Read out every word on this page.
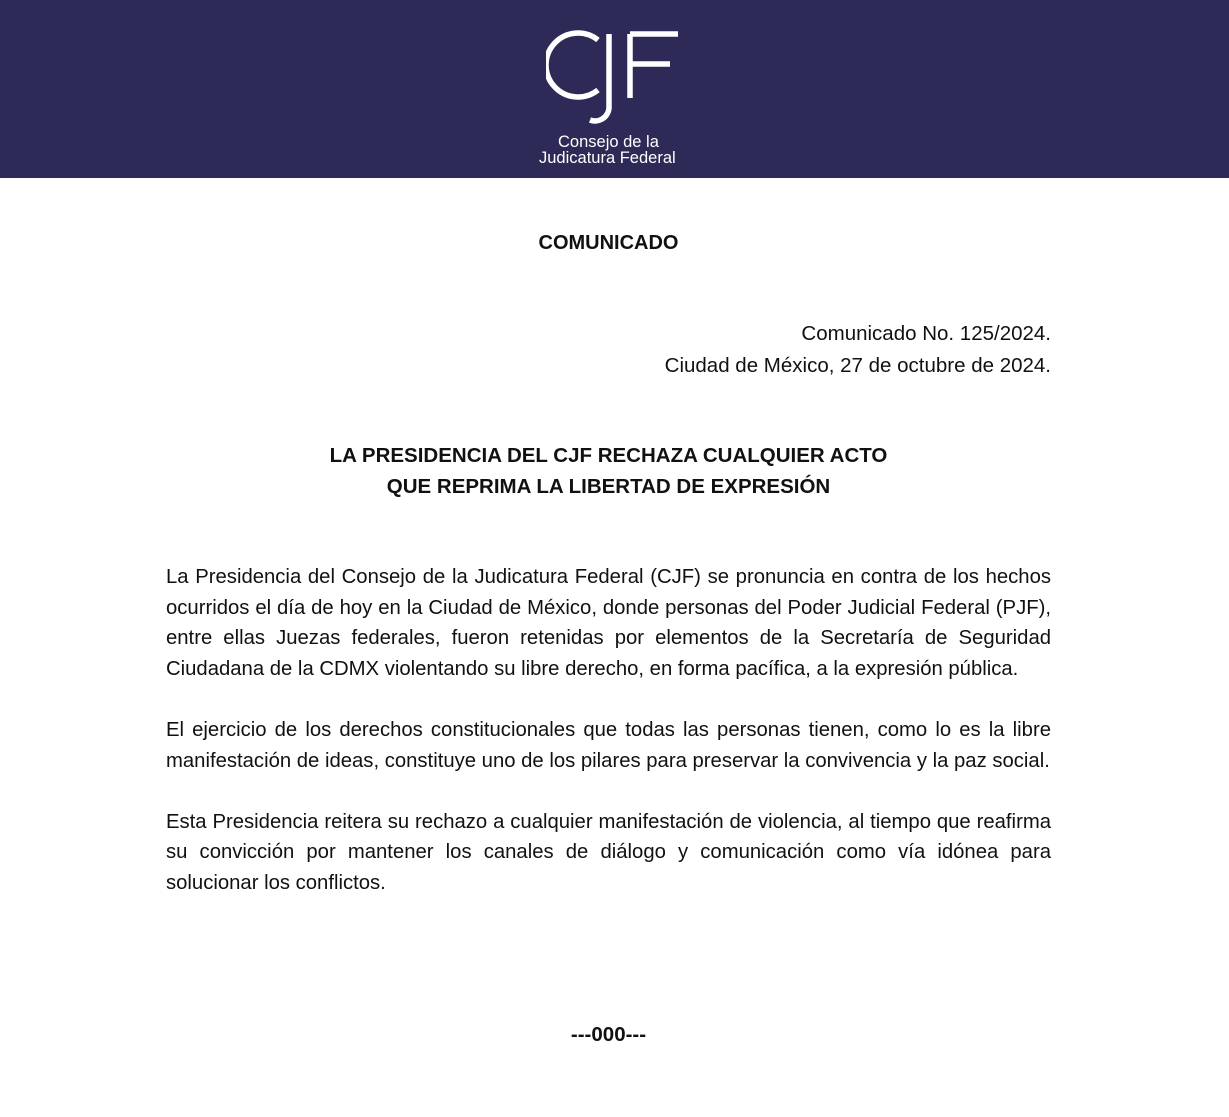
Consejo de la
Judicatura Federal
COMUNICADO
Comunicado No. 125/2024.
Ciudad de México, 27 de octubre de 2024.
LA PRESIDENCIA DEL CJF RECHAZA CUALQUIER ACTO
QUE REPRIMA LA LIBERTAD DE EXPRESIÓN

La Presidencia del Consejo de la Judicatura Federal (CJF) se pronuncia en contra de los hechos ocurridos el día de hoy en la Ciudad de México, donde personas del Poder Judicial Federal (PJF), entre ellas Juezas federales, fueron retenidas por elementos de la Secretaría de Seguridad Ciudadana de la CDMX violentando su libre derecho, en forma pacífica, a la expresión pública.

El ejercicio de los derechos constitucionales que todas las personas tienen, como lo es la libre manifestación de ideas, constituye uno de los pilares para preservar la convivencia y la paz social.

Esta Presidencia reitera su rechazo a cualquier manifestación de violencia, al tiempo que reafirma su convicción por mantener los canales de diálogo y comunicación como vía idónea para solucionar los conflictos.

---000---
